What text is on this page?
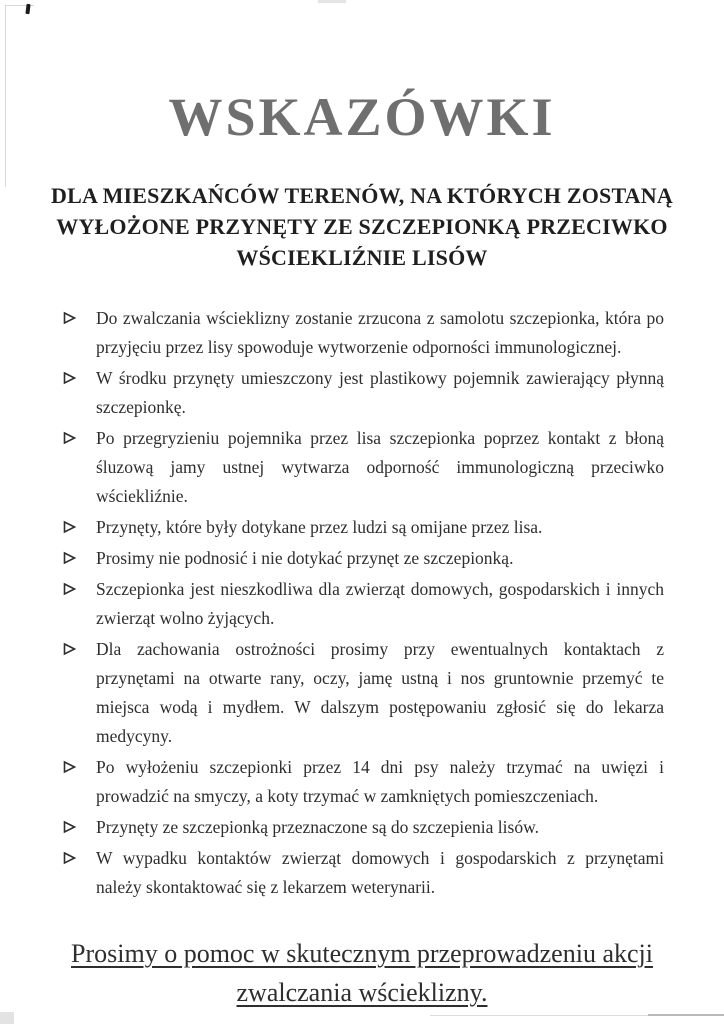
WSKAZÓWKI
DLA MIESZKAŃCÓW TERENÓW, NA KTÓRYCH ZOSTANĄ WYŁOŻONE PRZYNĘTY ZE SZCZEPIONKĄ PRZECIWKO WŚCIEKLIŹNIE LISÓW
Do zwalczania wścieklizny zostanie zrzucona z samolotu szczepionka, która po przyjęciu przez lisy spowoduje wytworzenie odporności immunologicznej.
W środku przynęty umieszczony jest plastikowy pojemnik zawierający płynną szczepionkę.
Po przegryzieniu pojemnika przez lisa szczepionka poprzez kontakt z błoną śluzową jamy ustnej wytwarza odporność immunologiczną przeciwko wściekliźnie.
Przynęty, które były dotykane przez ludzi są omijane przez lisa.
Prosimy nie podnosić i nie dotykać przynęt ze szczepionką.
Szczepionka jest nieszkodliwa dla zwierząt domowych, gospodarskich i innych zwierząt wolno żyjących.
Dla zachowania ostrożności prosimy przy ewentualnych kontaktach z przynętami na otwarte rany, oczy, jamę ustną i nos gruntownie przemyć te miejsca wodą i mydłem. W dalszym postępowaniu zgłosić się do lekarza medycyny.
Po wyłożeniu szczepionki przez 14 dni psy należy trzymać na uwięzi i prowadzić na smyczy, a koty trzymać w zamkniętych pomieszczeniach.
Przynęty ze szczepionką przeznaczone są do szczepienia lisów.
W wypadku kontaktów zwierząt domowych i gospodarskich z przynętami należy skontaktować się z lekarzem weterynarii.
Prosimy o pomoc w skutecznym przeprowadzeniu akcji zwalczania wścieklizny.
